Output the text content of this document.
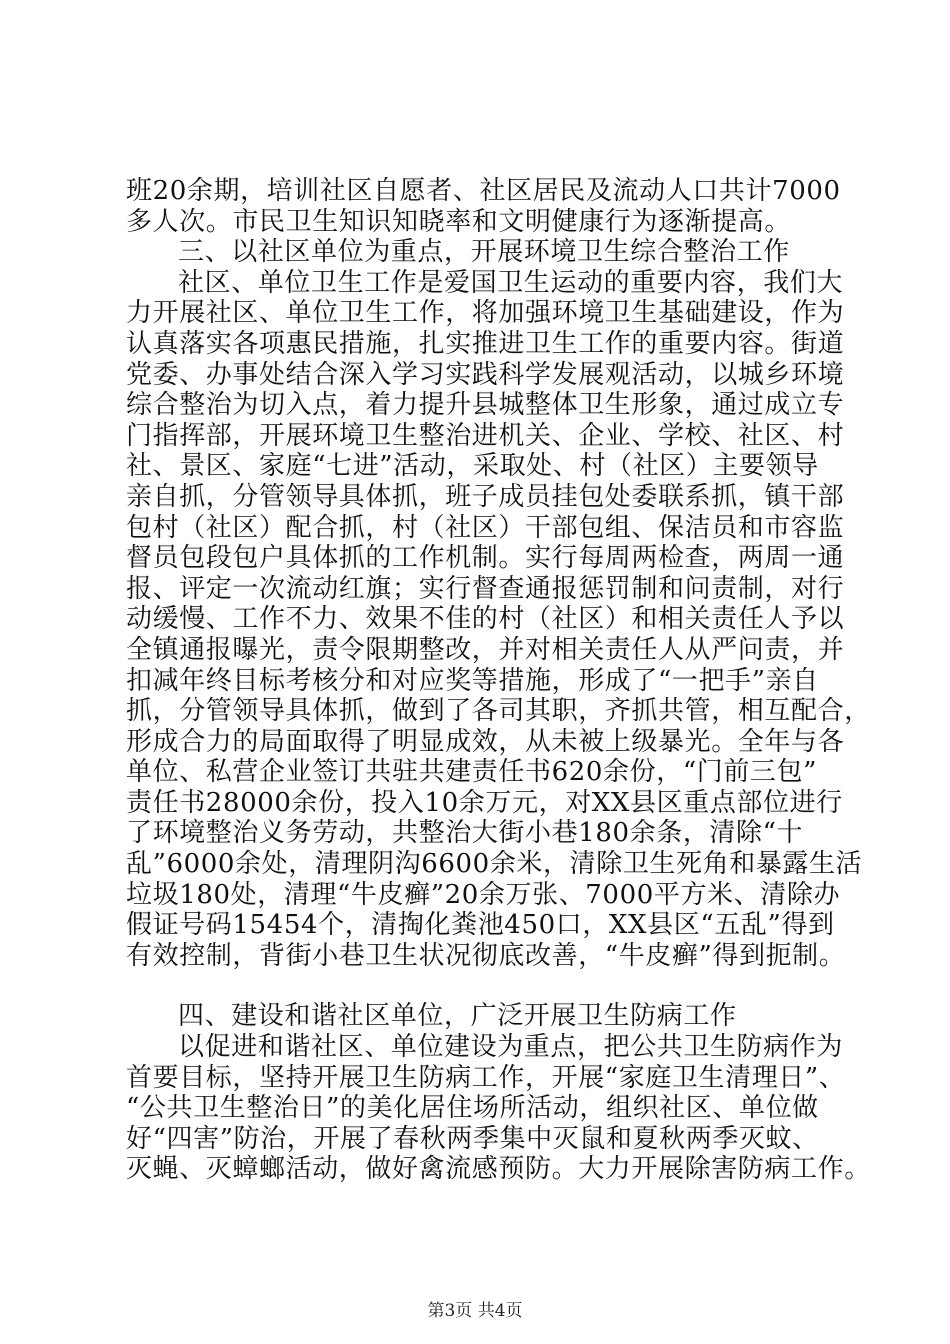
班20余期，培训社区自愿者、社区居民及流动人口共计7000
多人次。市民卫生知识知晓率和文明健康行为逐渐提高。
三、以社区单位为重点，开展环境卫生综合整治工作
社区、单位卫生工作是爱国卫生运动的重要内容，我们大
力开展社区、单位卫生工作，将加强环境卫生基础建设，作为
认真落实各项惠民措施，扎实推进卫生工作的重要内容。街道
党委、办事处结合深入学习实践科学发展观活动，以城乡环境
综合整治为切入点，着力提升县城整体卫生形象，通过成立专
门指挥部，开展环境卫生整治进机关、企业、学校、社区、村
社、景区、家庭“七进”活动，采取处、村（社区）主要领导
亲自抓，分管领导具体抓，班子成员挂包处委联系抓，镇干部
包村（社区）配合抓，村（社区）干部包组、保洁员和市容监
督员包段包户具体抓的工作机制。实行每周两检查，两周一通
报、评定一次流动红旗；实行督查通报惩罚制和问责制，对行
动缓慢、工作不力、效果不佳的村（社区）和相关责任人予以
全镇通报曝光，责令限期整改，并对相关责任人从严问责，并
扣减年终目标考核分和对应奖等措施，形成了“一把手”亲自
抓，分管领导具体抓，做到了各司其职，齐抓共管，相互配合，
形成合力的局面取得了明显成效，从未被上级暴光。全年与各
单位、私营企业签订共驻共建责任书620余份，“门前三包”
责任书28000余份，投入10余万元，对XX县区重点部位进行
了环境整治义务劳动，共整治大街小巷180余条，清除“十
乱”6000余处，清理阴沟6600余米，清除卫生死角和暴露生活
垃圾180处，清理“牛皮癣”20余万张、7000平方米、清除办
假证号码15454个，清掏化粪池450口，XX县区“五乱”得到
有效控制，背街小巷卫生状况彻底改善，“牛皮癣”得到扼制。
四、建设和谐社区单位，广泛开展卫生防病工作
以促进和谐社区、单位建设为重点，把公共卫生防病作为
首要目标，坚持开展卫生防病工作，开展“家庭卫生清理日”、
“公共卫生整治日”的美化居住场所活动，组织社区、单位做
好“四害”防治，开展了春秋两季集中灭鼠和夏秋两季灭蚊、
灭蝇、灭蟑螂活动，做好禽流感预防。大力开展除害防病工作。
第3页 共4页
